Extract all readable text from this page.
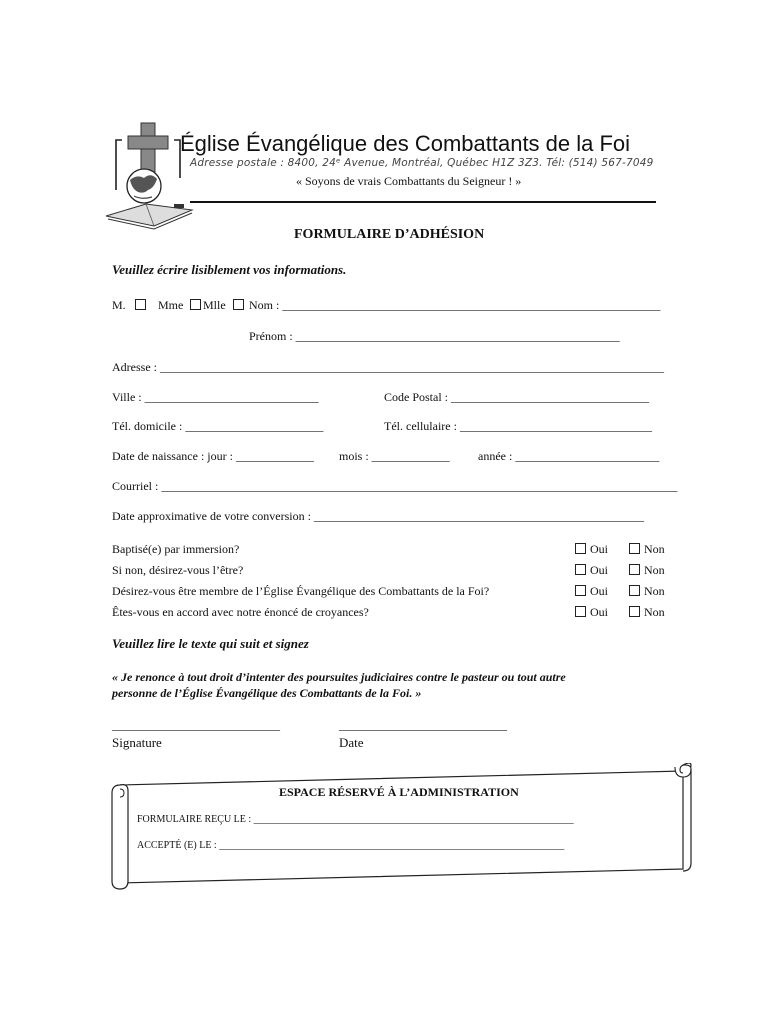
Église Évangélique des Combattants de la Foi
Adresse postale : 8400, 24ᵉ Avenue, Montréal, Québec H1Z 3Z3. Tél: (514) 567-7049
« Soyons de vrais Combattants du Seigneur ! »
FORMULAIRE D’ADHÉSION
Veuillez écrire lisiblement vos informations.
M.	Mme	Mlle	Nom : _______________________________________________________________
Prénom : ______________________________________________________
Adresse : ____________________________________________________________________________________
Ville : _____________________________	Code Postal : _________________________________
Tél. domicile : _______________________	Tél. cellulaire : ________________________________
Date de naissance : jour : _____________ mois : _____________ année : ________________________
Courriel : ______________________________________________________________________________________
Date approximative de votre conversion : _______________________________________________________
Baptisé(e) par immersion?	Oui	Non
Si non, désirez-vous l’être?	Oui	Non
Désirez-vous être membre de l’Église Évangélique des Combattants de la Foi?	Oui	Non
Êtes-vous en accord avec notre énoncé de croyances?	Oui	Non
Veuillez lire le texte qui suit et signez
« Je renonce à tout droit d’intenter des poursuites judiciaires contre le pasteur ou tout autre
personne de l’Église Évangélique des Combattants de la Foi. »
____________________________
Signature
____________________________
Date
ESPACE RÉSERVÉ À L’ADMINISTRATION
FORMULAIRE REÇU LE : ________________________________________________________________
ACCEPTÉ (E) LE : _____________________________________________________________________
